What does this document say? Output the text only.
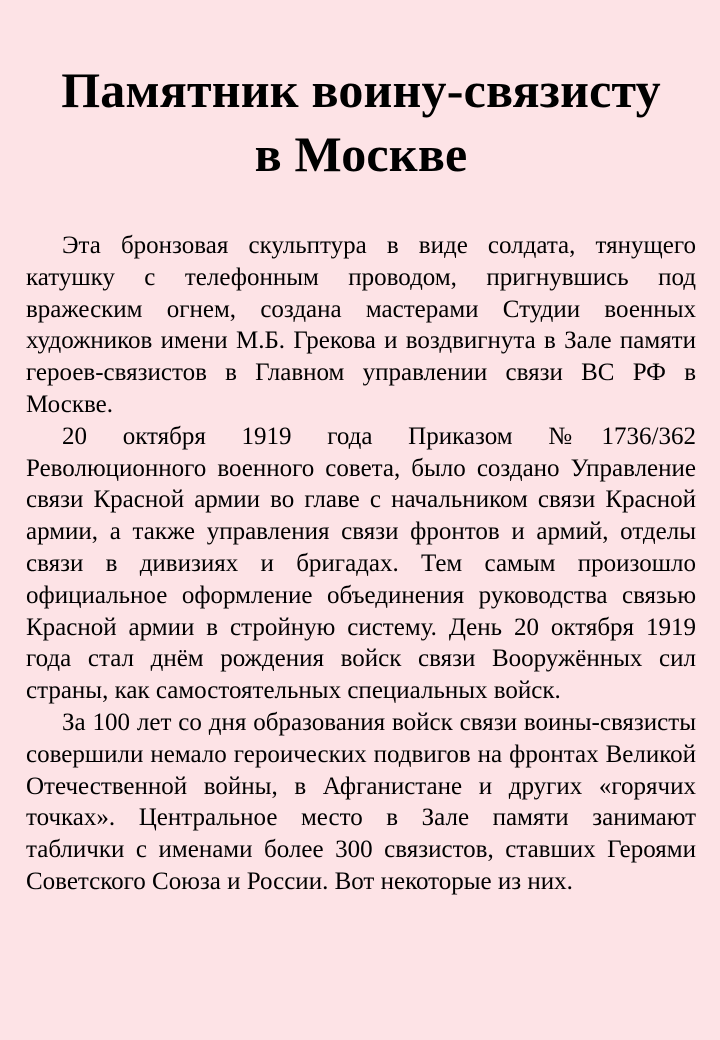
Памятник воину-связисту
в Москве

Эта бронзовая скульптура в виде солдата, тянущего катушку с телефонным проводом, пригнувшись под вражеским огнем, создана мастерами Студии военных художников имени М.Б. Грекова и воздвигнута в Зале памяти героев-связистов в Главном управлении связи ВС РФ в Москве.

20 октября 1919 года Приказом №1736/362 Революционного военного совета, было создано Управление связи Красной армии во главе с начальником связи Красной армии, а также управления связи фронтов и армий, отделы связи в дивизиях и бригадах. Тем самым произошло официальное оформление объединения руководства связью Красной армии в стройную систему. День 20 октября 1919 года стал днём рождения войск связи Вооружённых сил страны, как самостоятельных специальных войск.

За 100 лет со дня образования войск связи воины-связисты совершили немало героических подвигов на фронтах Великой Отечественной войны, в Афганистане и других «горячих точках». Центральное место в Зале памяти занимают таблички с именами более 300 связистов, ставших Героями Советского Союза и России. Вот некоторые из них.
